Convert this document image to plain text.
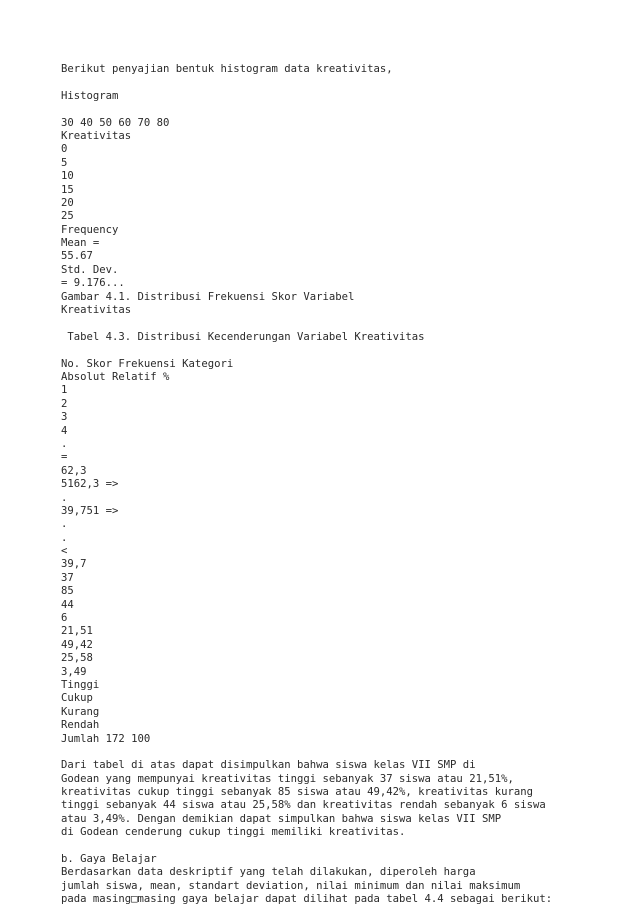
Berikut penyajian bentuk histogram data kreativitas,
Histogram
30 40 50 60 70 80
Kreativitas
0
5
10
15
20
25
Frequency
Mean =
55.67
Std. Dev.
= 9.176...
Gambar 4.1. Distribusi Frekuensi Skor Variabel
Kreativitas
Tabel 4.3. Distribusi Kecenderungan Variabel Kreativitas
No. Skor Frekuensi Kategori
Absolut Relatif %
1
2
3
4
.
=
62,3
5162,3 =>
.
39,751 =>
.
.
<
39,7
37
85
44
6
21,51
49,42
25,58
3,49
Tinggi
Cukup
Kurang
Rendah
Jumlah 172 100
Dari tabel di atas dapat disimpulkan bahwa siswa kelas VII SMP di
Godean yang mempunyai kreativitas tinggi sebanyak 37 siswa atau 21,51%,
kreativitas cukup tinggi sebanyak 85 siswa atau 49,42%, kreativitas kurang
tinggi sebanyak 44 siswa atau 25,58% dan kreativitas rendah sebanyak 6 siswa
atau 3,49%. Dengan demikian dapat simpulkan bahwa siswa kelas VII SMP
di Godean cenderung cukup tinggi memiliki kreativitas.
b. Gaya Belajar
Berdasarkan data deskriptif yang telah dilakukan, diperoleh harga
jumlah siswa, mean, standart deviation, nilai minimum dan nilai maksimum
pada masing□masing gaya belajar dapat dilihat pada tabel 4.4 sebagai berikut:
